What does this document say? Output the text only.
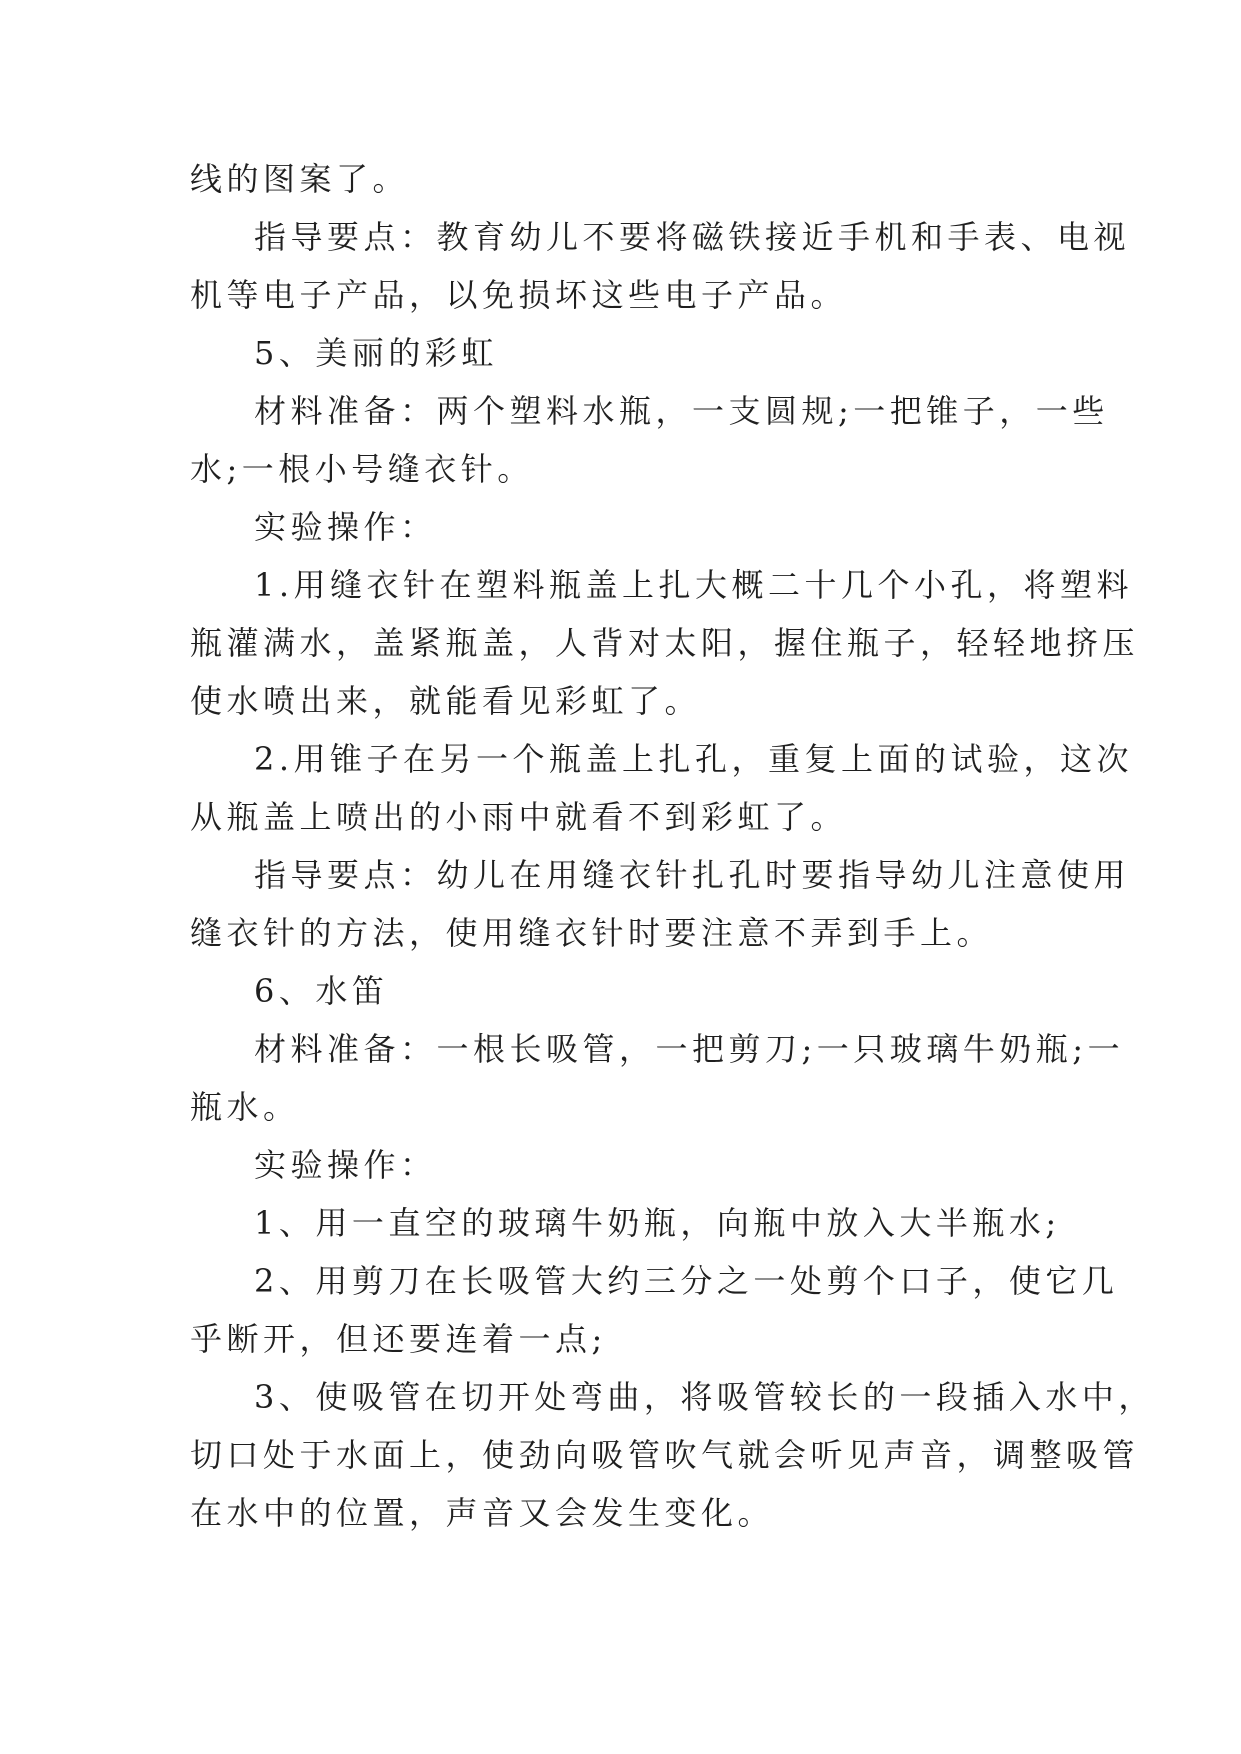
线的图案了。
指导要点：教育幼儿不要将磁铁接近手机和手表、电视
机等电子产品，以免损坏这些电子产品。
5、美丽的彩虹
材料准备：两个塑料水瓶，一支圆规;一把锥子，一些
水;一根小号缝衣针。
实验操作：
1.用缝衣针在塑料瓶盖上扎大概二十几个小孔，将塑料
瓶灌满水，盖紧瓶盖，人背对太阳，握住瓶子，轻轻地挤压
使水喷出来，就能看见彩虹了。
2.用锥子在另一个瓶盖上扎孔，重复上面的试验，这次
从瓶盖上喷出的小雨中就看不到彩虹了。
指导要点：幼儿在用缝衣针扎孔时要指导幼儿注意使用
缝衣针的方法，使用缝衣针时要注意不弄到手上。
6、水笛
材料准备：一根长吸管，一把剪刀;一只玻璃牛奶瓶;一
瓶水。
实验操作：
1、用一直空的玻璃牛奶瓶，向瓶中放入大半瓶水;
2、用剪刀在长吸管大约三分之一处剪个口子，使它几
乎断开，但还要连着一点;
3、使吸管在切开处弯曲，将吸管较长的一段插入水中，
切口处于水面上，使劲向吸管吹气就会听见声音，调整吸管
在水中的位置，声音又会发生变化。
